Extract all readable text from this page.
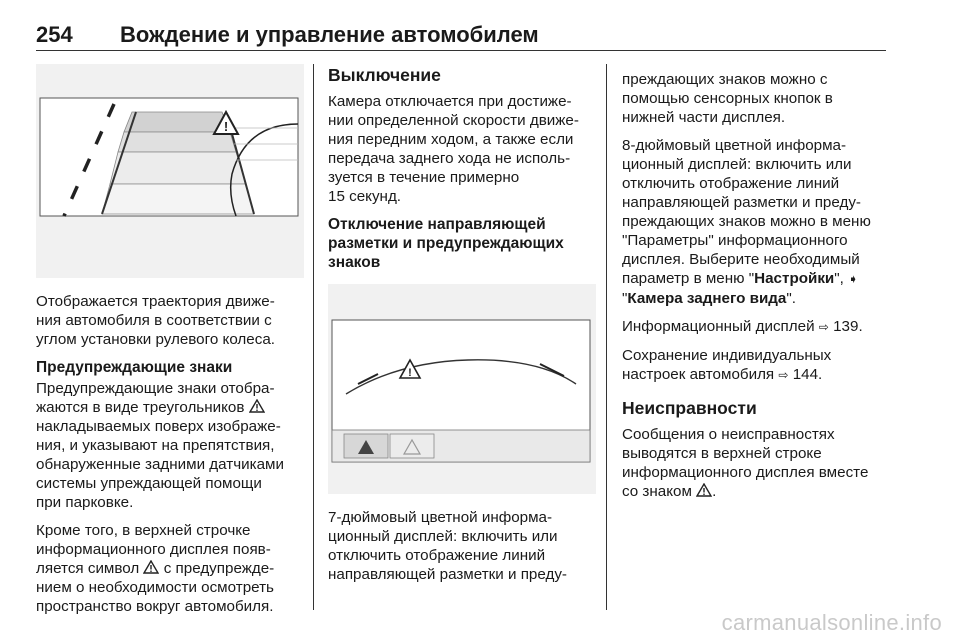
254 Вождение и управление автомобилем
!

Отображается траектория движе-
ния автомобиля в соответствии с
углом установки рулевого колеса.

Предупреждающие знаки

Предупреждающие знаки отобра-
жаются в виде треугольников
накладываемых поверх изображе-
ния, и указывают на препятствия,
обнаруженные задними датчиками
системы упреждающей помощи
при парковке.

Кроме того, в верхней строчке
информационного дисплея появ-
ляется символ с предупрежде-
нием о необходимости осмотреть
пространство вокруг автомобиля.

Выключение

Камера отключается при достиже-
нии определенной скорости движе-
ния передним ходом, а также если
передача заднего хода не исполь-
зуется в течение примерно
15 секунд.

Отключение направляющей
разметки и предупреждающих
знаков
!

7-дюймовый цветной информа-
ционный дисплей: включить или
отключить отображение линий
направляющей разметки и преду-

преждающих знаков можно с
помощью сенсорных кнопок в
нижней части дисплея.

8-дюймовый цветной информа-
ционный дисплей: включить или
отключить отображение линий
направляющей разметки и преду-
преждающих знаков можно в меню
"Параметры" информационного
дисплея. Выберите необходимый
параметр в меню "Настройки", ➧
"Камера заднего вида".

Информационный дисплей ⇨ 139.

Сохранение индивидуальных
настроек автомобиля ⇨ 144.

Неисправности

Сообщения о неисправностях
выводятся в верхней строке
информационного дисплея вместе
со знаком .

carmanualsonline.info
